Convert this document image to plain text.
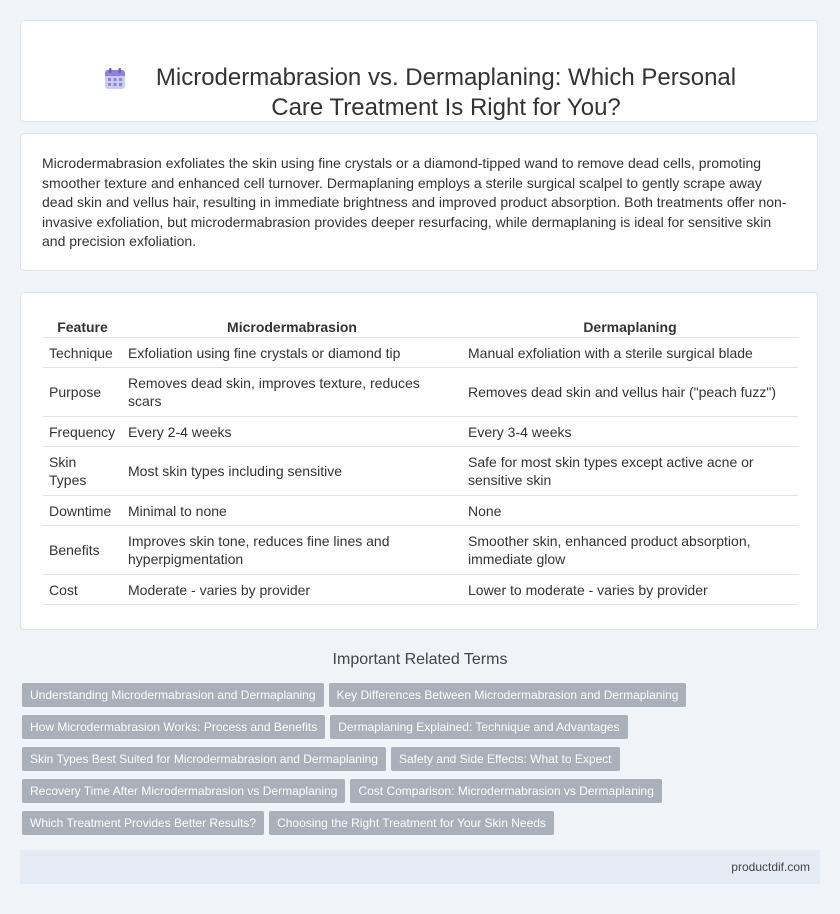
Microdermabrasion vs. Dermaplaning: Which Personal Care Treatment Is Right for You?

Microdermabrasion exfoliates the skin using fine crystals or a diamond-tipped wand to remove dead cells, promoting smoother texture and enhanced cell turnover. Dermaplaning employs a sterile surgical scalpel to gently scrape away dead skin and vellus hair, resulting in immediate brightness and improved product absorption. Both treatments offer non-invasive exfoliation, but microdermabrasion provides deeper resurfacing, while dermaplaning is ideal for sensitive skin and precision exfoliation.

Feature	Microdermabrasion	Dermaplaning
Technique	Exfoliation using fine crystals or diamond tip	Manual exfoliation with a sterile surgical blade
Purpose	Removes dead skin, improves texture, reduces scars	Removes dead skin and vellus hair ("peach fuzz")
Frequency	Every 2-4 weeks	Every 3-4 weeks
Skin Types	Most skin types including sensitive	Safe for most skin types except active acne or sensitive skin
Downtime	Minimal to none	None
Benefits	Improves skin tone, reduces fine lines and hyperpigmentation	Smoother skin, enhanced product absorption, immediate glow
Cost	Moderate - varies by provider	Lower to moderate - varies by provider
Important Related Terms
Understanding Microdermabrasion and Dermaplaning Key Differences Between Microdermabrasion and Dermaplaning
How Microdermabrasion Works: Process and Benefits Dermaplaning Explained: Technique and Advantages
Skin Types Best Suited for Microdermabrasion and Dermaplaning Safety and Side Effects: What to Expect
Recovery Time After Microdermabrasion vs Dermaplaning Cost Comparison: Microdermabrasion vs Dermaplaning
Which Treatment Provides Better Results? Choosing the Right Treatment for Your Skin Needs
productdif.com
